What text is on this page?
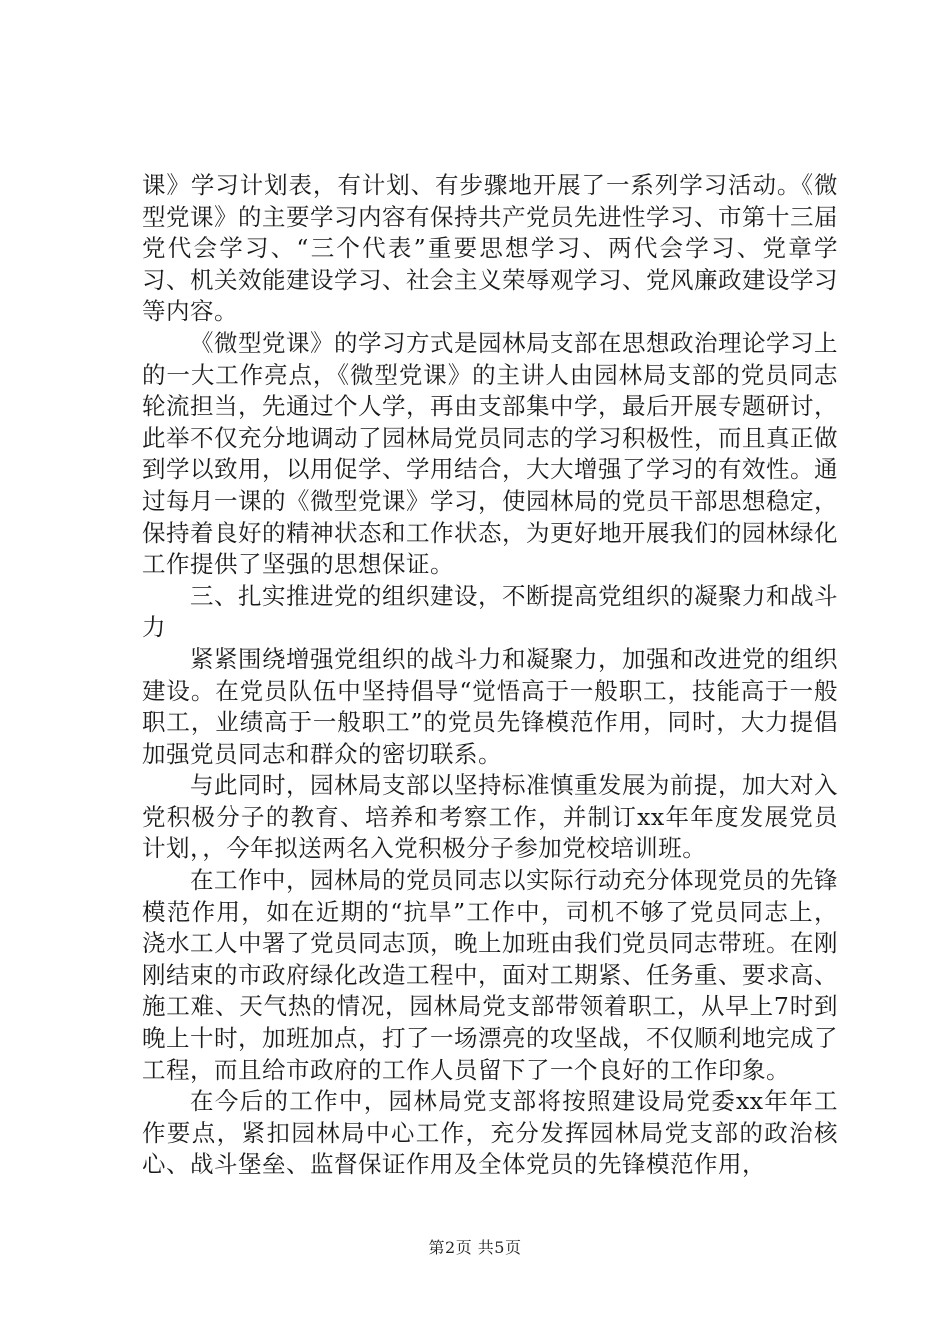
课》学习计划表，有计划、有步骤地开展了一系列学习活动。《微型党课》的主要学习内容有保持共产党员先进性学习、市第十三届党代会学习、“三个代表”重要思想学习、两代会学习、党章学习、机关效能建设学习、社会主义荣辱观学习、党风廉政建设学习等内容。

《微型党课》的学习方式是园林局支部在思想政治理论学习上的一大工作亮点，《微型党课》的主讲人由园林局支部的党员同志轮流担当，先通过个人学，再由支部集中学，最后开展专题研讨，此举不仅充分地调动了园林局党员同志的学习积极性，而且真正做到学以致用，以用促学、学用结合，大大增强了学习的有效性。通过每月一课的《微型党课》学习，使园林局的党员干部思想稳定，保持着良好的精神状态和工作状态，为更好地开展我们的园林绿化工作提供了坚强的思想保证。

三、扎实推进党的组织建设，不断提高党组织的凝聚力和战斗力

紧紧围绕增强党组织的战斗力和凝聚力，加强和改进党的组织建设。在党员队伍中坚持倡导“觉悟高于一般职工，技能高于一般职工，业绩高于一般职工”的党员先锋模范作用，同时，大力提倡加强党员同志和群众的密切联系。

与此同时，园林局支部以坚持标准慎重发展为前提，加大对入党积极分子的教育、培养和考察工作，并制订xx年年度发展党员计划，，今年拟送两名入党积极分子参加党校培训班。

在工作中，园林局的党员同志以实际行动充分体现党员的先锋模范作用，如在近期的“抗旱”工作中，司机不够了党员同志上，浇水工人中署了党员同志顶，晚上加班由我们党员同志带班。在刚刚结束的市政府绿化改造工程中，面对工期紧、任务重、要求高、施工难、天气热的情况，园林局党支部带领着职工，从早上7时到晚上十时，加班加点，打了一场漂亮的攻坚战，不仅顺利地完成了工程，而且给市政府的工作人员留下了一个良好的工作印象。

在今后的工作中，园林局党支部将按照建设局党委xx年年工作要点，紧扣园林局中心工作，充分发挥园林局党支部的政治核心、战斗堡垒、监督保证作用及全体党员的先锋模范作用，

第2页 共5页
